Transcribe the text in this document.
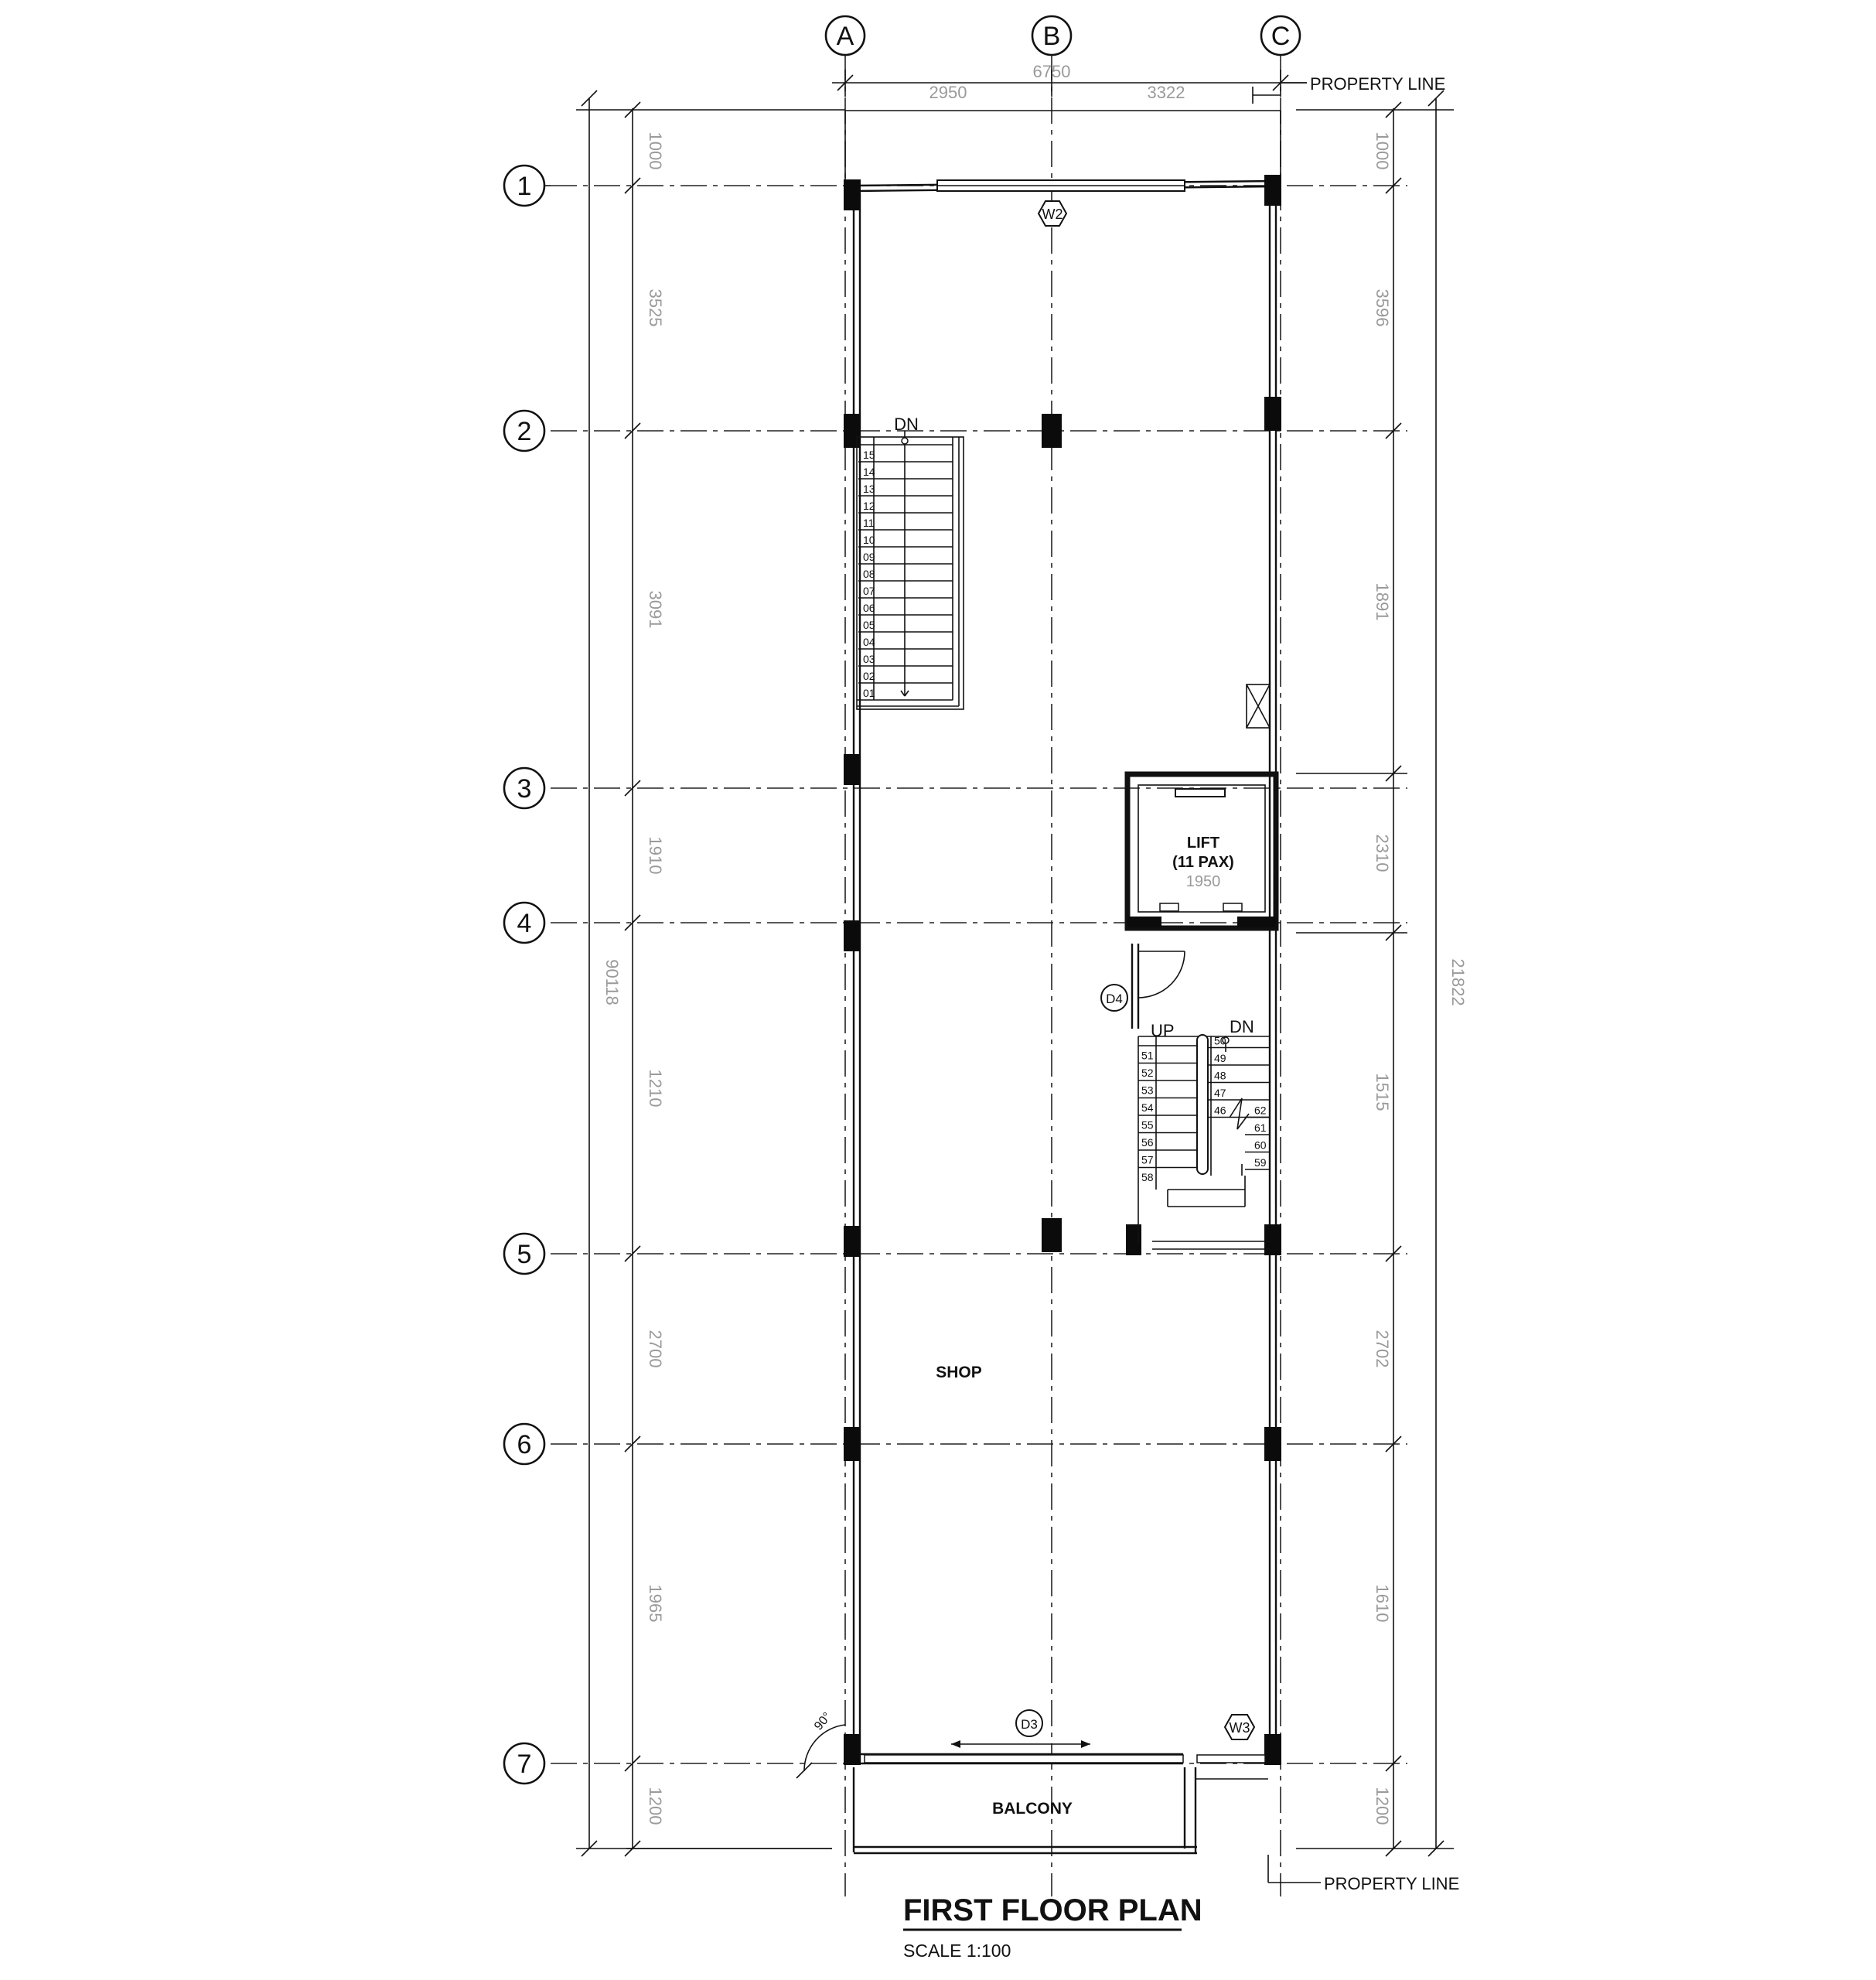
A	B	C
1
2
3
4
5
6
7
2950
6750
3322	PROPERTY LINE
PROPERTY LINE
1000
3525
3091
1910
1210
2700
1965
1200
90118
1000
3596
1891
2310
1515
2702
1610
1200
21822
W2
DN
15
14
13
12
11
10
09
08
07
06
05
04
03
02
01
LIFT
(11 PAX)
1950
D4
UP	DN
51
52
53
54
55
56
57
58
50
49
48
47
46	62
61
60
59
SHOP
D3	W3
90°
BALCONY
FIRST FLOOR PLAN
SCALE 1:100
